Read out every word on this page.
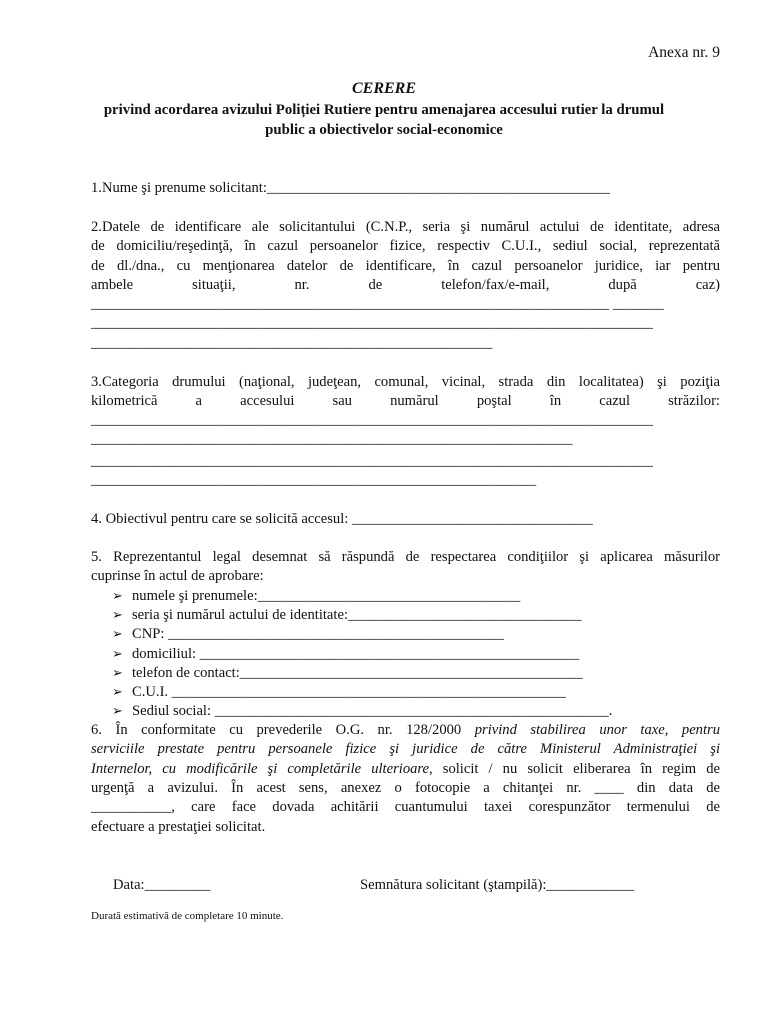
Anexa nr. 9
CERERE
privind acordarea avizului Poliției Rutiere pentru amenajarea accesului rutier la drumul
public a obiectivelor social-economice
1.Nume şi prenume solicitant:_______________________________________________
2.Datele de identificare ale solicitantului (C.N.P., seria şi numărul actului de identitate, adresa
de domiciliu/reşedinţă, în cazul persoanelor fizice, respectiv C.U.I., sediul social, reprezentată
de dl./dna., cu menţionarea datelor de identificare, în cazul persoanelor juridice, iar pentru
ambele situaţii, nr. de telefon/fax/e-mail, după caz)
_______________________________________________________________________ _______
_____________________________________________________________________________
_______________________________________________________
3.Categoria drumului (naţional, judeţean, comunal, vicinal, strada din localitatea) şi poziţia
kilometrică a accesului sau numărul poştal în cazul străzilor:
_____________________________________________________________________________
__________________________________________________________________
_____________________________________________________________________________
_____________________________________________________________
4. Obiectivul pentru care se solicită accesul: _________________________________
5. Reprezentantul legal desemnat să răspundă de respectarea condiţiilor şi aplicarea măsurilor
cuprinse în actul de aprobare:
➢ numele şi prenumele:____________________________________
➢ seria şi numărul actului de identitate:________________________________
➢ CNP: ______________________________________________
➢ domiciliul: ____________________________________________________
➢ telefon de contact:_______________________________________________
➢ C.U.I. ______________________________________________________
➢ Sediul social: ______________________________________________________.
6. În conformitate cu prevederile O.G. nr. 128/2000 privind stabilirea unor taxe, pentru
serviciile prestate pentru persoanele fizice şi juridice de către Ministerul Administraţiei şi
Internelor, cu modificările şi completările ulterioare, solicit / nu solicit eliberarea în regim de
urgenţă a avizului. În acest sens, anexez o fotocopie a chitanţei nr. ____ din data de
___________, care face dovada achitării cuantumului taxei corespunzător termenului de
efectuare a prestaţiei solicitat.
Data:_________	Semnătura solicitant (ştampilă):____________
Durată estimativă de completare 10 minute.
